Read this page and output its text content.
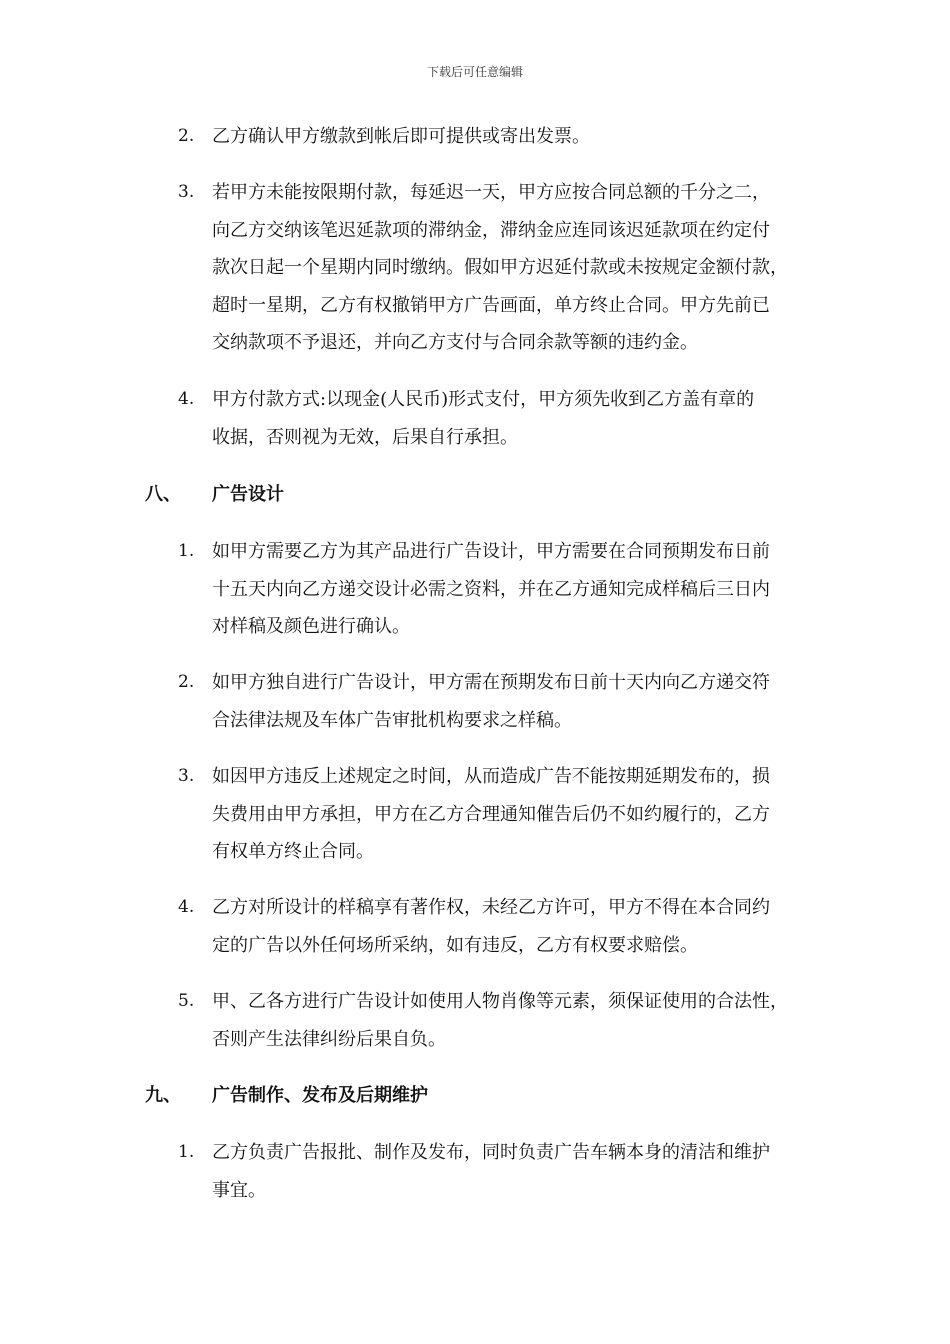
下载后可任意编辑
2. 乙方确认甲方缴款到帐后即可提供或寄出发票。
3. 若甲方未能按限期付款，每延迟一天，甲方应按合同总额的千分之二，
向乙方交纳该笔迟延款项的滞纳金，滞纳金应连同该迟延款项在约定付
款次日起一个星期内同时缴纳。假如甲方迟延付款或未按规定金额付款，
超时一星期，乙方有权撤销甲方广告画面，单方终止合同。甲方先前已
交纳款项不予退还，并向乙方支付与合同余款等额的违约金。
4. 甲方付款方式:以现金(人民币)形式支付，甲方须先收到乙方盖有章的
收据，否则视为无效，后果自行承担。
八、 广告设计
1. 如甲方需要乙方为其产品进行广告设计，甲方需要在合同预期发布日前
十五天内向乙方递交设计必需之资料，并在乙方通知完成样稿后三日内
对样稿及颜色进行确认。
2. 如甲方独自进行广告设计，甲方需在预期发布日前十天内向乙方递交符
合法律法规及车体广告审批机构要求之样稿。
3. 如因甲方违反上述规定之时间，从而造成广告不能按期延期发布的，损
失费用由甲方承担，甲方在乙方合理通知催告后仍不如约履行的，乙方
有权单方终止合同。
4. 乙方对所设计的样稿享有著作权，未经乙方许可，甲方不得在本合同约
定的广告以外任何场所采纳，如有违反，乙方有权要求赔偿。
5. 甲、乙各方进行广告设计如使用人物肖像等元素，须保证使用的合法性，
否则产生法律纠纷后果自负。
九、 广告制作、发布及后期维护
1. 乙方负责广告报批、制作及发布，同时负责广告车辆本身的清洁和维护
事宜。
